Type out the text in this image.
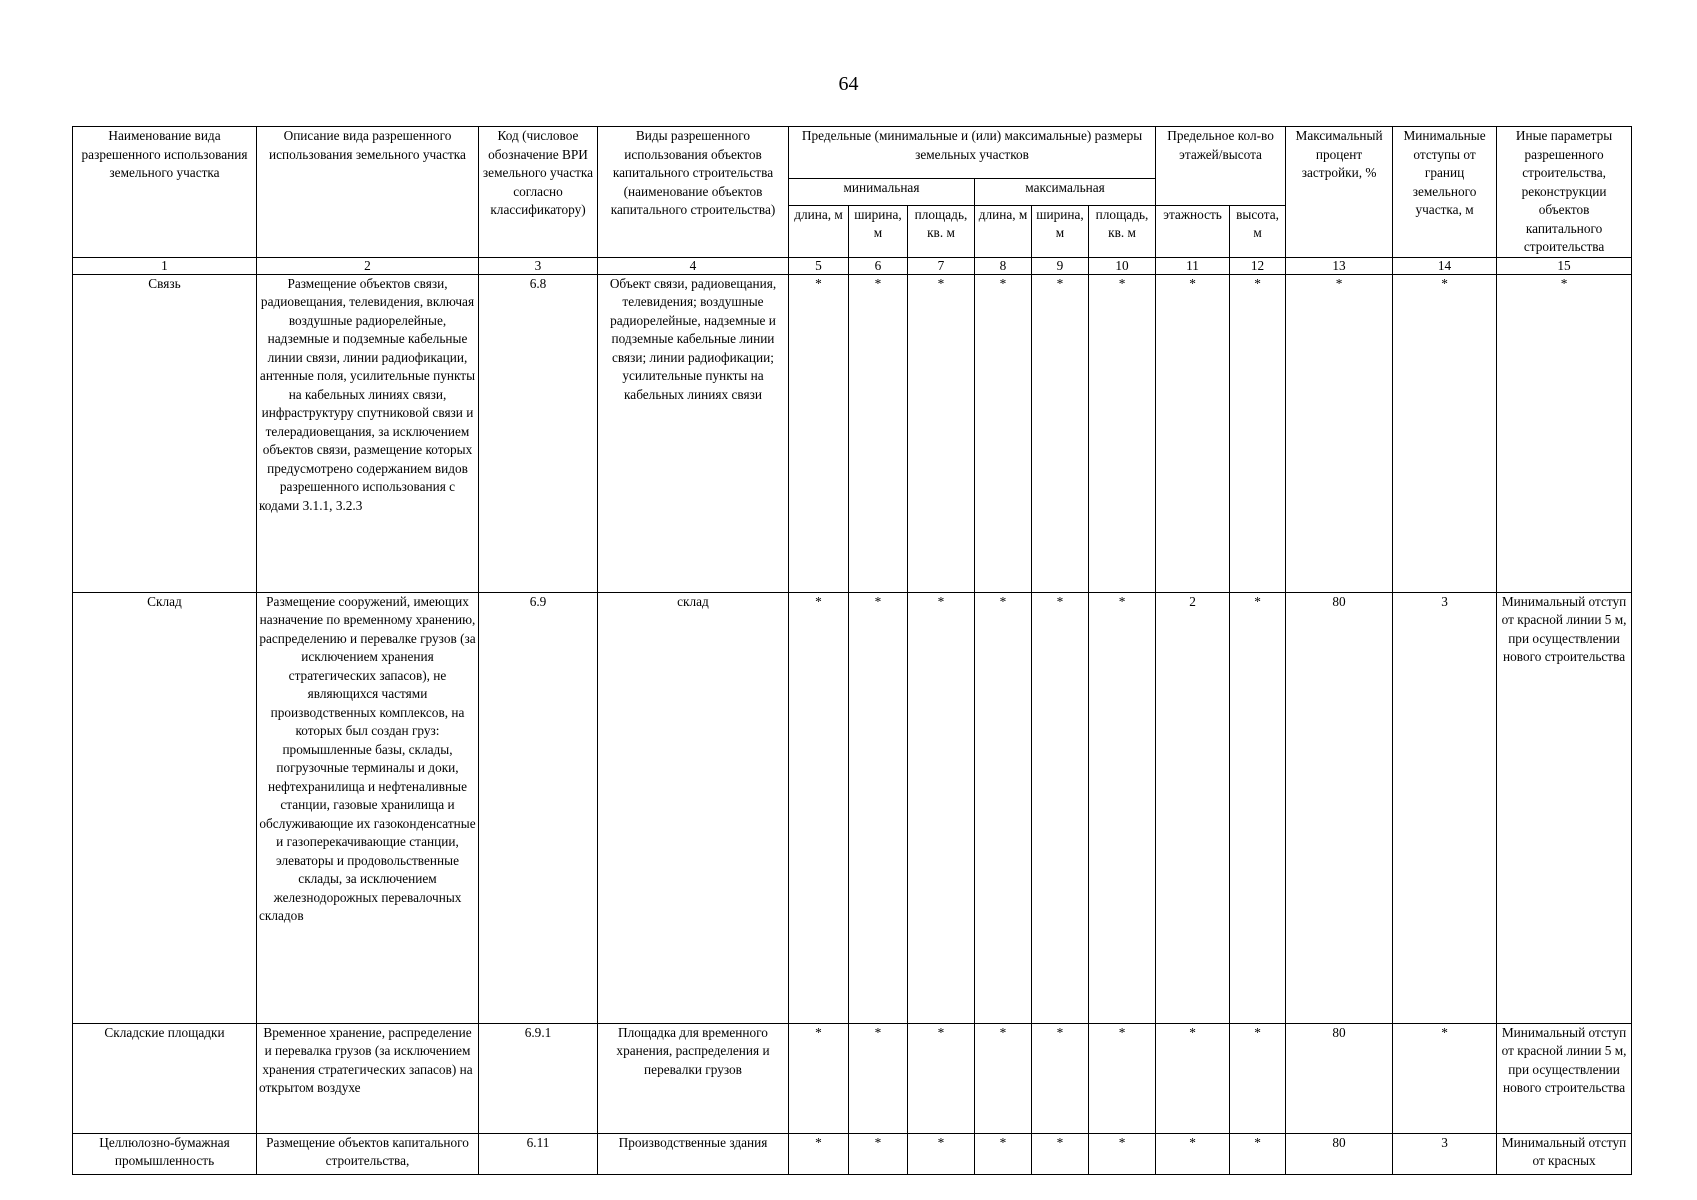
64
Наименование вида разрешенного использования земельного участка	Описание вида разрешенного использования земельного участка	Код (числовое обозначение ВРИ земельного участка согласно классификатору)	Виды разрешенного использования объектов капитального строительства (наименование объектов капитального строительства)	Предельные (минимальные и (или) максимальные) размеры земельных участков						Предельное кол-во этажей/высота		Максимальный процент застройки, %	Минимальные отступы от границ земельного участка, м	Иные параметры разрешенного строительства, реконструкции объектов капитального строительства
				минимальная			максимальная							
				длина, м	ширина, м	площадь, кв. м	длина, м	ширина, м	площадь, кв. м	этажность	высота, м			
1	2	3	4	5	6	7	8	9	10	11	12	13	14	15
Связь	Размещение объектов связи, радиовещания, телевидения, включая воздушные радиорелейные, надземные и подземные кабельные линии связи, линии радиофикации, антенные поля, усилительные пункты на кабельных линиях связи, инфраструктуру спутниковой связи и телерадиовещания, за исключением объектов связи, размещение которых предусмотрено содержанием видов разрешенного использования с кодами 3.1.1, 3.2.3	6.8	Объект связи, радиовещания, телевидения; воздушные радиорелейные, надземные и подземные кабельные линии связи; линии радиофикации; усилительные пункты на кабельных линиях связи	*	*	*	*	*	*	*	*	*	*	*
Склад	Размещение сооружений, имеющих назначение по временному хранению, распределению и перевалке грузов (за исключением хранения стратегических запасов), не являющихся частями производственных комплексов, на которых был создан груз: промышленные базы, склады, погрузочные терминалы и доки, нефтехранилища и нефтеналивные станции, газовые хранилища и обслуживающие их газоконденсатные и газоперекачивающие станции, элеваторы и продовольственные склады, за исключением железнодорожных перевалочных складов	6.9	склад	*	*	*	*	*	*	2	*	80	3	Минимальный отступ от красной линии 5 м, при осуществлении нового строительства
Складские площадки	Временное хранение, распределение и перевалка грузов (за исключением хранения стратегических запасов) на открытом воздухе	6.9.1	Площадка для временного хранения, распределения и перевалки грузов	*	*	*	*	*	*	*	*	80	*	Минимальный отступ от красной линии 5 м, при осуществлении нового строительства
Целлюлозно-бумажная промышленность	Размещение объектов капитального строительства,	6.11	Производственные здания	*	*	*	*	*	*	*	*	80	3	Минимальный отступ от красных
